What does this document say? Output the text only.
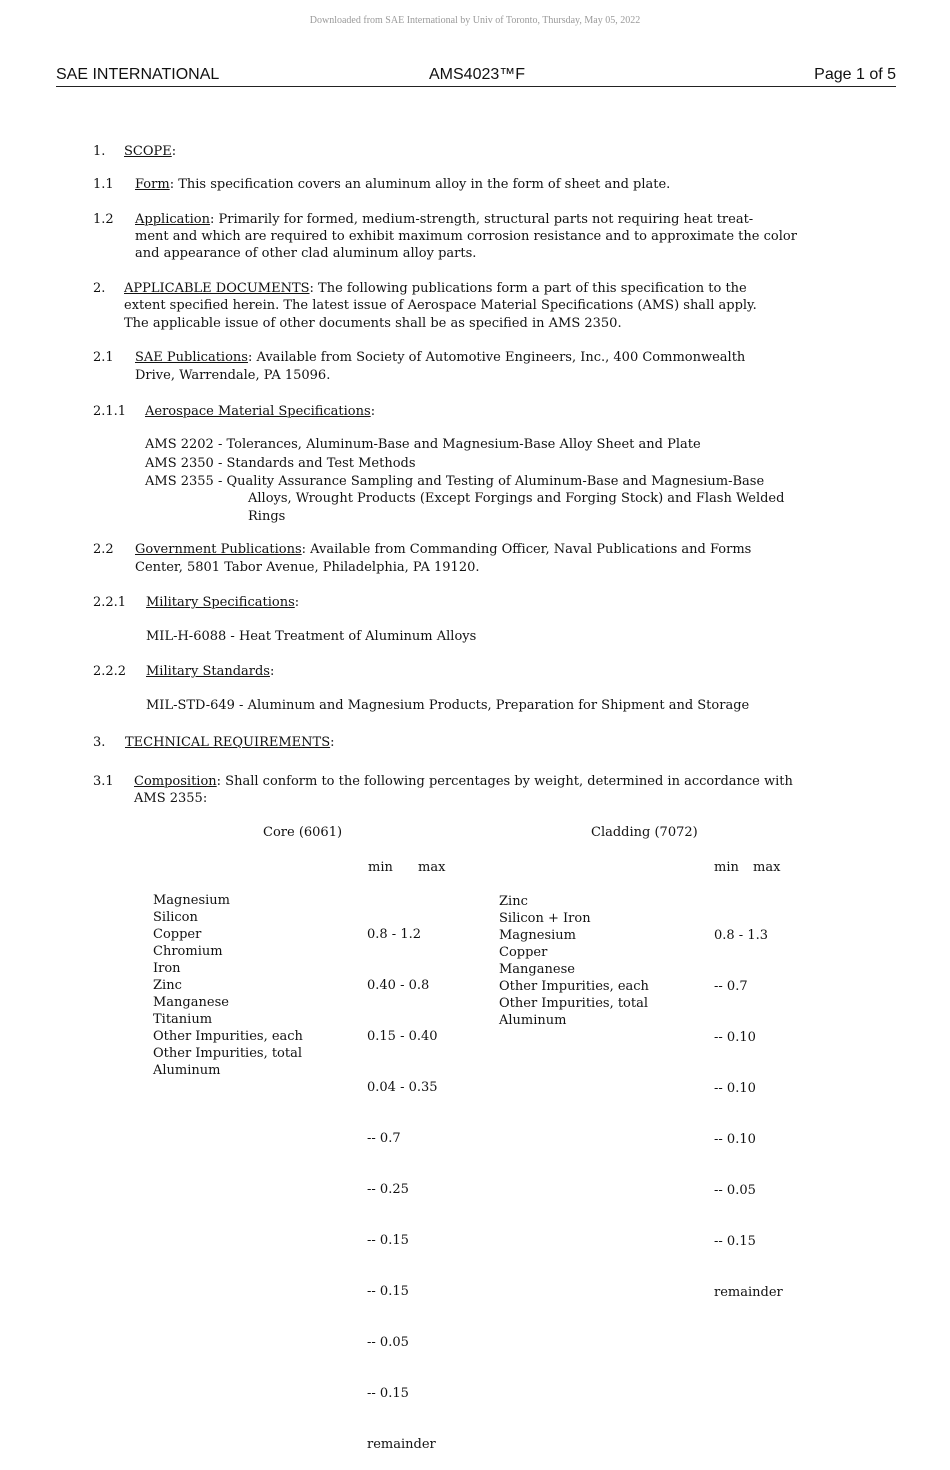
Downloaded from SAE International by Univ of Toronto, Thursday, May 05, 2022
SAE INTERNATIONAL	AMS4023™F	Page 1 of 5
1. SCOPE:
1.1 Form: This specification covers an aluminum alloy in the form of sheet and plate.
1.2 Application: Primarily for formed, medium-strength, structural parts not requiring heat treat-
ment and which are required to exhibit maximum corrosion resistance and to approximate the color
and appearance of other clad aluminum alloy parts.
2. APPLICABLE DOCUMENTS: The following publications form a part of this specification to the
extent specified herein. The latest issue of Aerospace Material Specifications (AMS) shall apply.
The applicable issue of other documents shall be as specified in AMS 2350.
2.1 SAE Publications: Available from Society of Automotive Engineers, Inc., 400 Commonwealth
Drive, Warrendale, PA 15096.
2.1.1 Aerospace Material Specifications:
AMS 2202 - Tolerances, Aluminum-Base and Magnesium-Base Alloy Sheet and Plate
AMS 2350 - Standards and Test Methods
AMS 2355 - Quality Assurance Sampling and Testing of Aluminum-Base and Magnesium-Base
Alloys, Wrought Products (Except Forgings and Forging Stock) and Flash Welded
Rings
2.2 Government Publications: Available from Commanding Officer, Naval Publications and Forms
Center, 5801 Tabor Avenue, Philadelphia, PA 19120.
2.2.1 Military Specifications:
MIL-H-6088 - Heat Treatment of Aluminum Alloys
2.2.2 Military Standards:
MIL-STD-649 - Aluminum and Magnesium Products, Preparation for Shipment and Storage
3. TECHNICAL REQUIREMENTS:
3.1 Composition: Shall conform to the following percentages by weight, determined in accordance with
AMS 2355:
Core (6061)
min max
Magnesium
Silicon
Copper
Chromium
Iron
Zinc
Manganese
Titanium
Other Impurities, each
Other Impurities, total
Aluminum

0.8 - 1.2

0.40 - 0.8

0.15 - 0.40

0.04 - 0.35

-- 0.7

-- 0.25

-- 0.15

-- 0.15

-- 0.05

-- 0.15

remainder

Cladding (7072)
min max
Zinc
Silicon + Iron
Magnesium
Copper
Manganese
Other Impurities, each
Other Impurities, total
Aluminum

0.8 - 1.3

-- 0.7

-- 0.10

-- 0.10

-- 0.10

-- 0.05

-- 0.15

remainder
